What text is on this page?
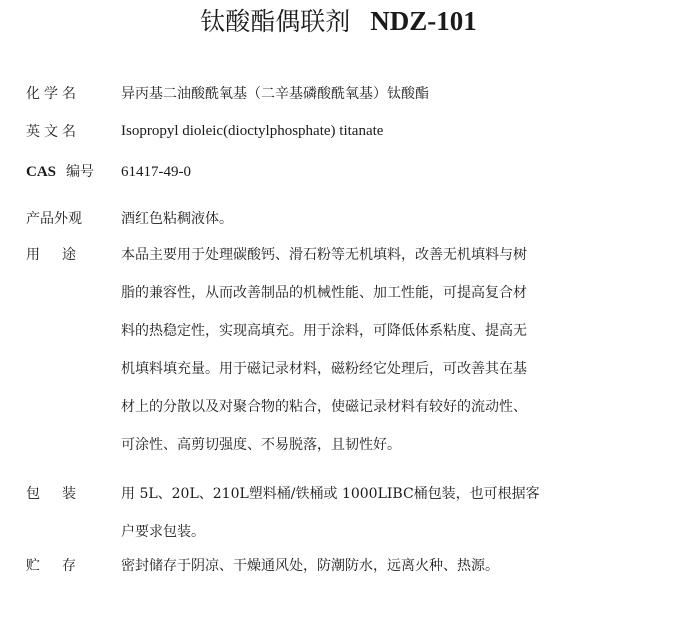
钛酸酯偶联剂 NDZ-101
化学名	异丙基二油酸酰氧基（二辛基磷酸酰氧基）钛酸酯
英文名	Isopropyl dioleic(dioctylphosphate) titanate
CAS 编号	61417-49-0
产品外观	酒红色粘稠液体。
用途	本品主要用于处理碳酸钙、滑石粉等无机填料，改善无机填料与树
脂的兼容性，从而改善制品的机械性能、加工性能，可提高复合材
料的热稳定性，实现高填充。用于涂料，可降低体系粘度、提高无
机填料填充量。用于磁记录材料，磁粉经它处理后，可改善其在基
材上的分散以及对聚合物的粘合，使磁记录材料有较好的流动性、
可涂性、高剪切强度、不易脱落，且韧性好。
包装	用 5L、20L、210L塑料桶/铁桶或 1000LIBC桶包装，也可根据客
户要求包装。
贮存	密封储存于阴凉、干燥通风处，防潮防水，远离火种、热源。
